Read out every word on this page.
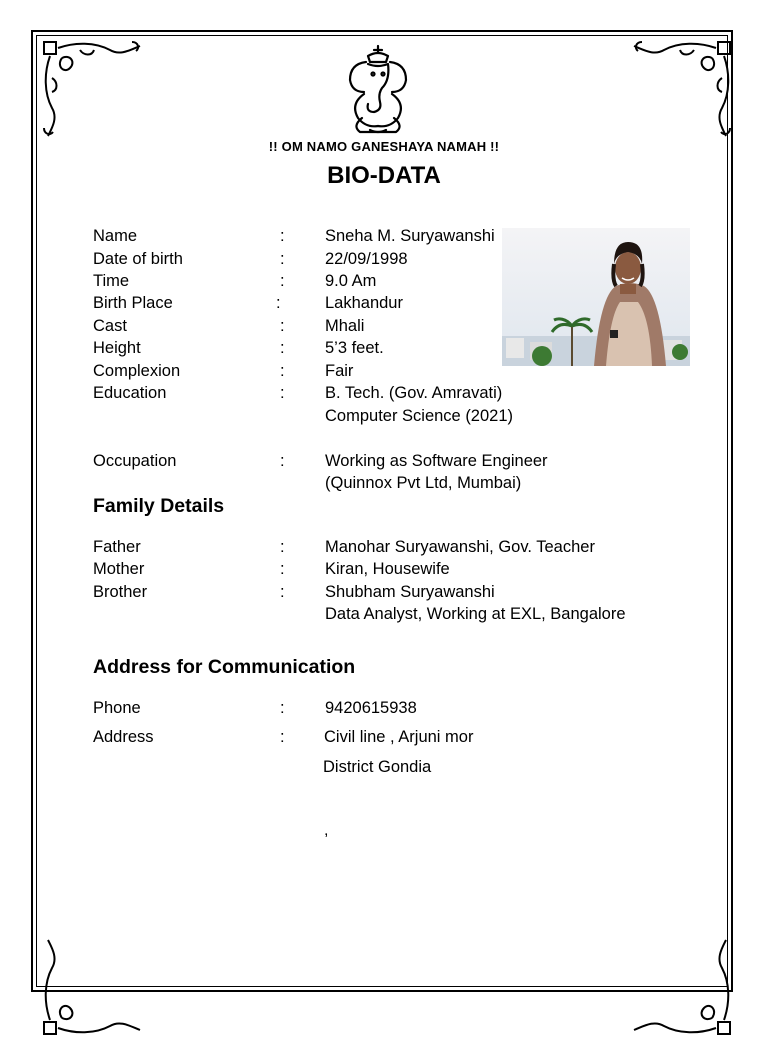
!! OM NAMO GANESHAYA NAMAH !!
BIO-DATA
Name	: Sneha M. Suryawanshi
Date of birth	: 22/09/1998
Time	: 9.0 Am
Birth Place	:	Lakhandur
Cast	: Mhali
Height	: 5’3 feet.
Complexion	: Fair
Education	: B. Tech. (Gov. Amravati)
Computer Science (2021)
Occupation	: Working as Software Engineer
(Quinnox Pvt Ltd, Mumbai)
Family Details
Father	: Manohar Suryawanshi, Gov. Teacher
Mother	: Kiran, Housewife
Brother	: Shubham Suryawanshi
Data Analyst, Working at EXL, Bangalore
Address for Communication
Phone	: 9420615938
Address	: Civil line , Arjuni mor
District Gondia
,
